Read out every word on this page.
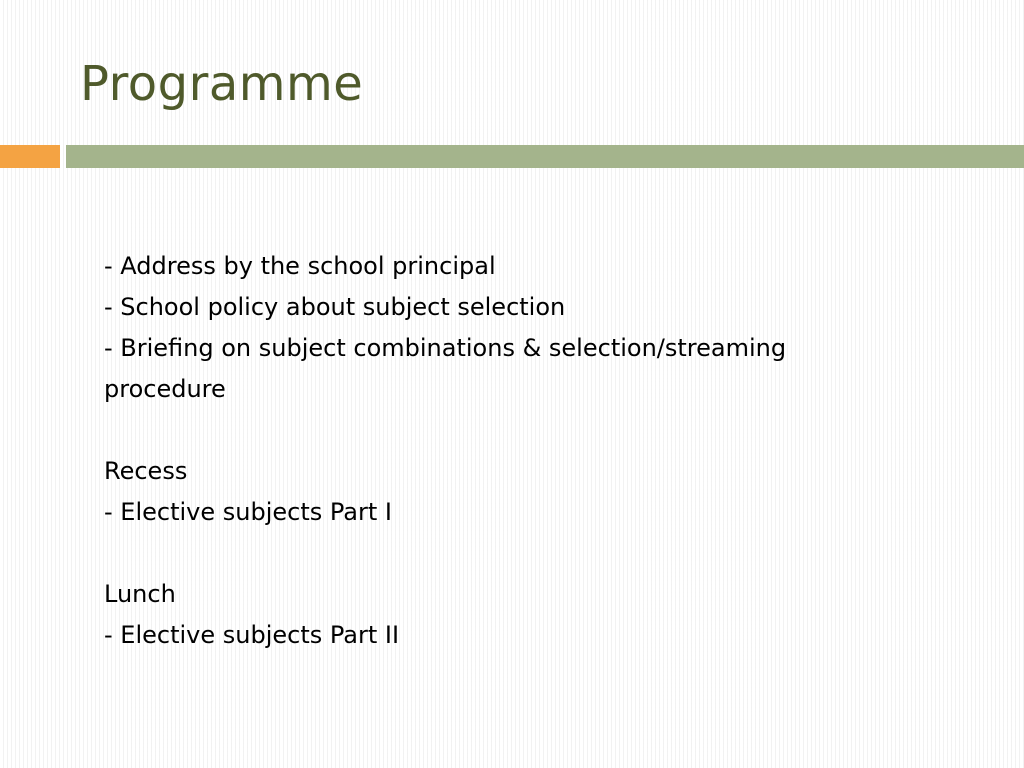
Programme
- Address by the school principal
- School policy about subject selection
- Briefing on subject combinations & selection/streaming
procedure
Recess
- Elective subjects Part I
Lunch
- Elective subjects Part II
